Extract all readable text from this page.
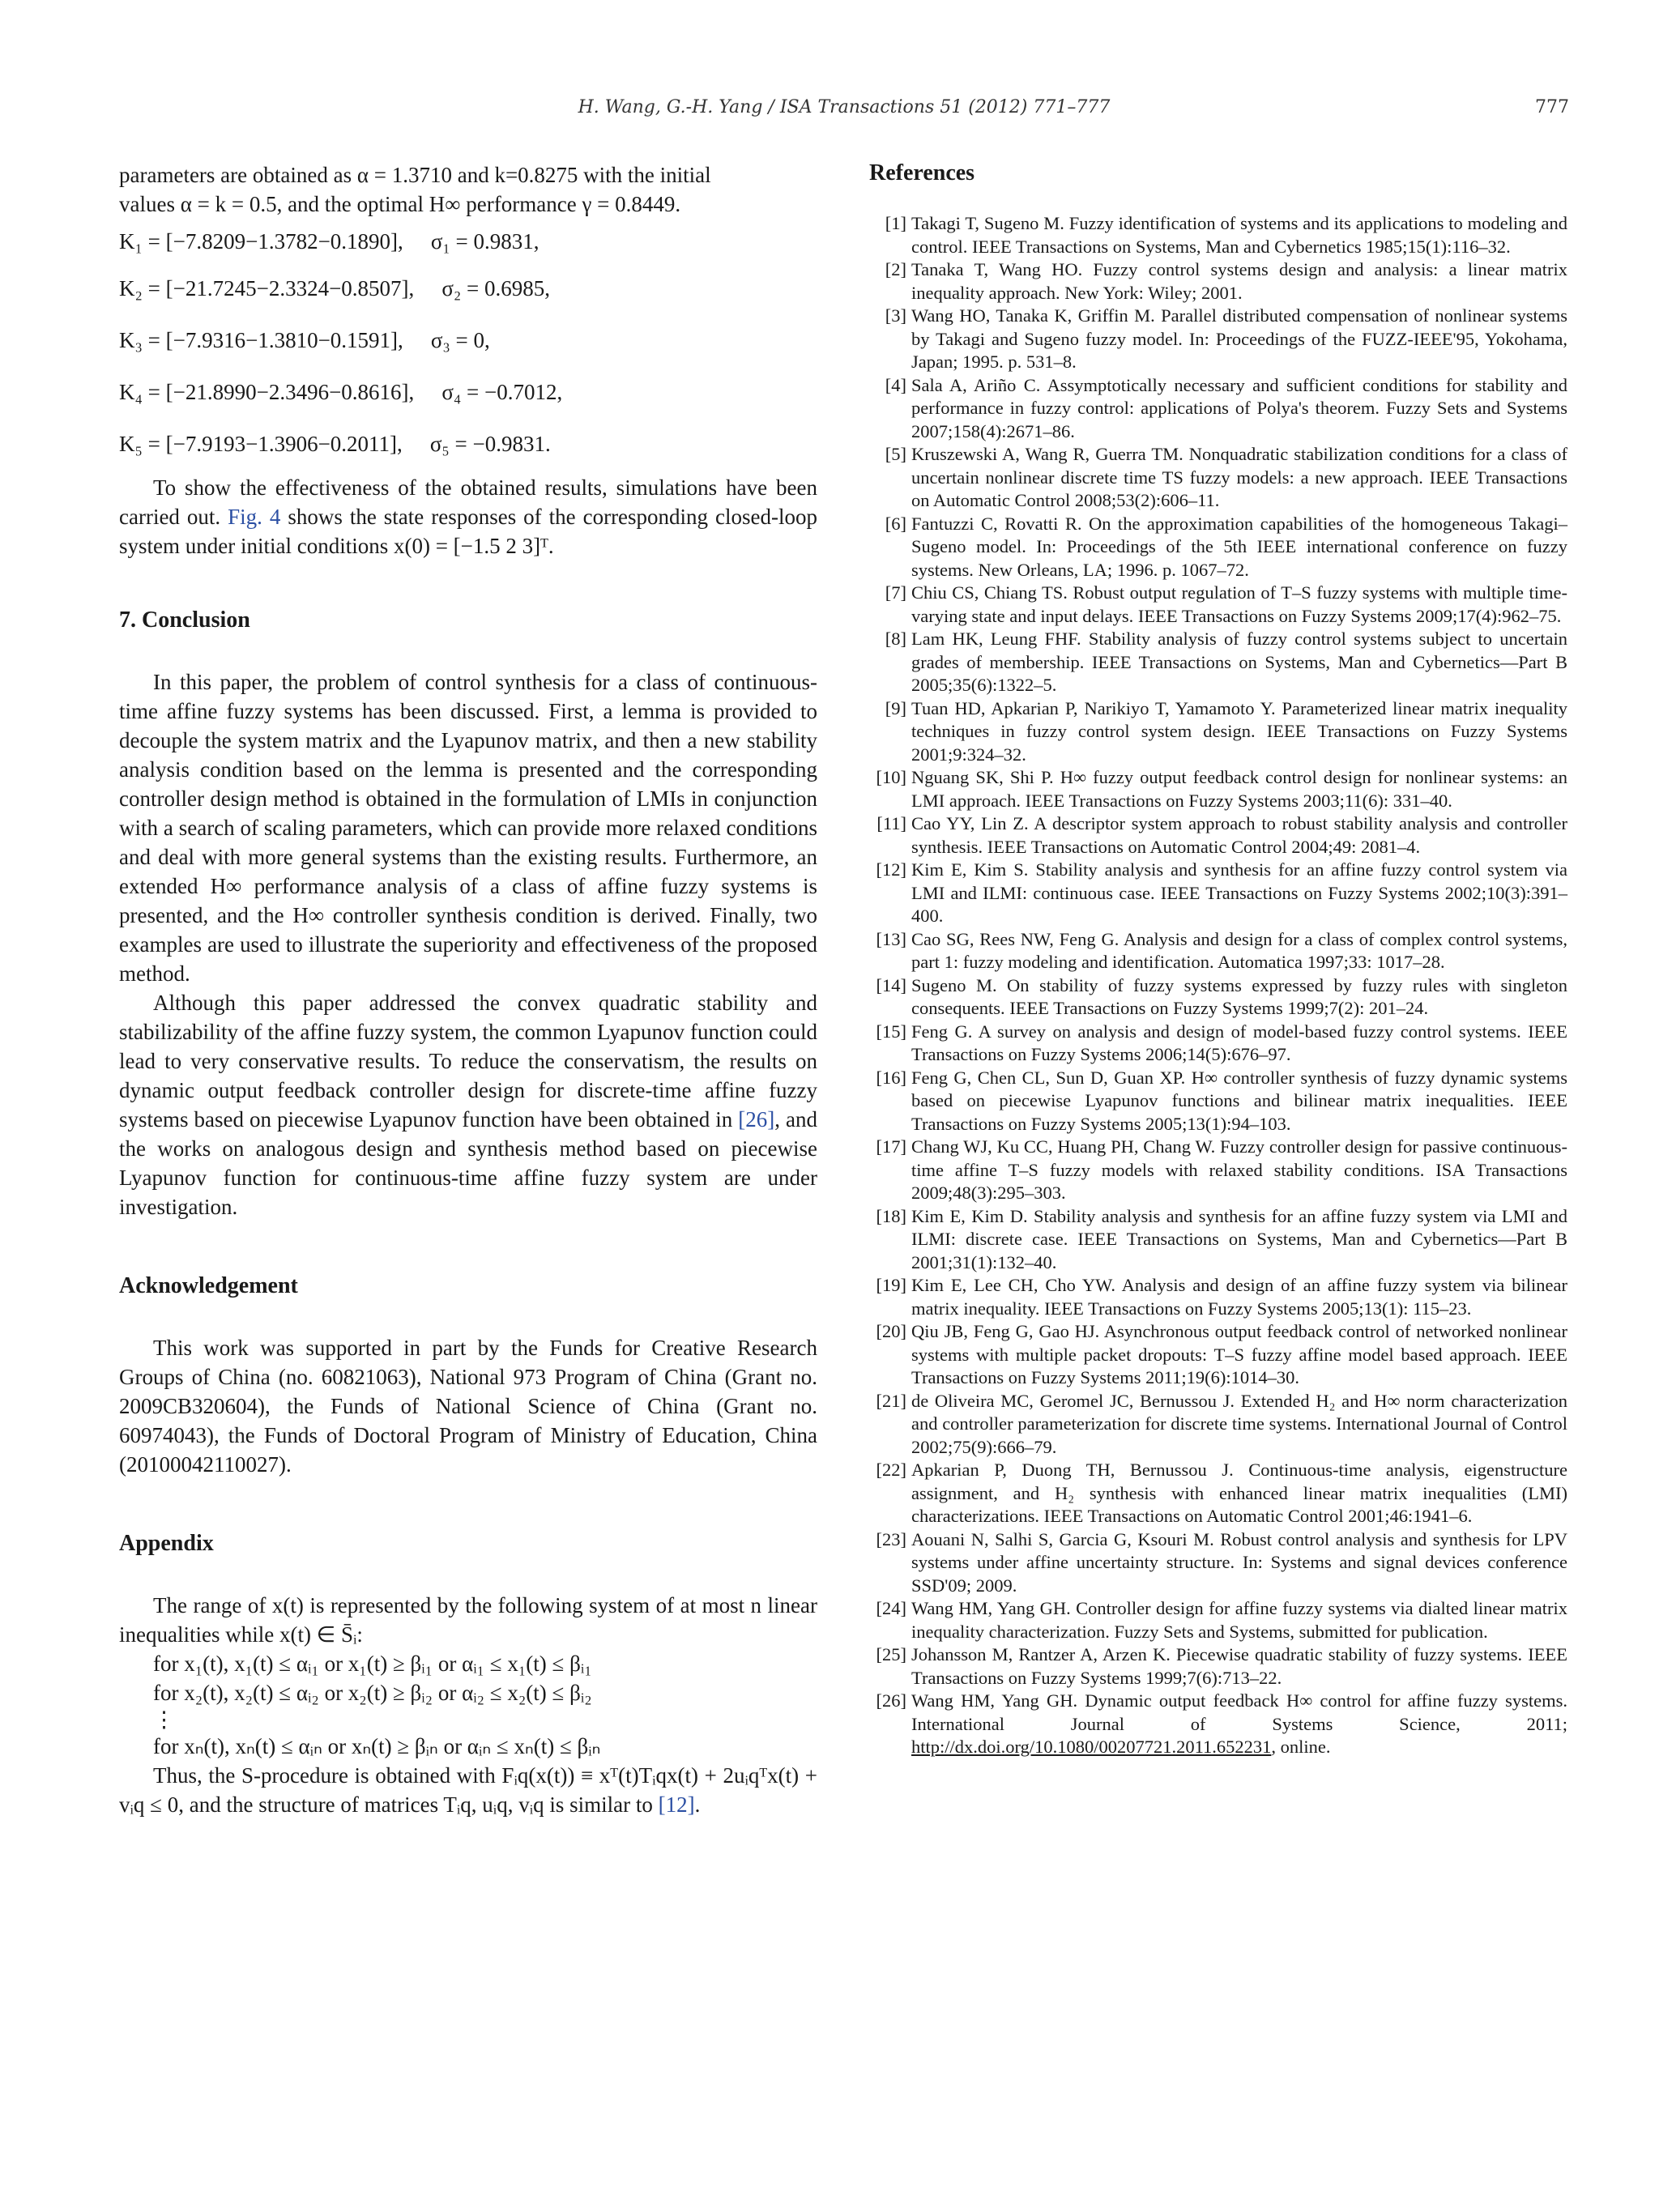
H. Wang, G.-H. Yang / ISA Transactions 51 (2012) 771–777	777

parameters are obtained as α = 1.3710 and k=0.8275 with the initial

values α = k = 0.5, and the optimal H∞ performance γ = 0.8449.

K₁ = [−7.8209−1.3782−0.1890], σ₁ = 0.9831,

K₂ = [−21.7245−2.3324−0.8507], σ₂ = 0.6985,

K₃ = [−7.9316−1.3810−0.1591], σ₃ = 0,

K₄ = [−21.8990−2.3496−0.8616], σ₄ = −0.7012,

K₅ = [−7.9193−1.3906−0.2011], σ₅ = −0.9831.

To show the effectiveness of the obtained results, simulations have been carried out. Fig. 4 shows the state responses of the corresponding closed-loop system under initial conditions x(0) = [−1.5 2 3]ᵀ.

7. Conclusion

In this paper, the problem of control synthesis for a class of continuous-time affine fuzzy systems has been discussed. First, a lemma is provided to decouple the system matrix and the Lyapunov matrix, and then a new stability analysis condition based on the lemma is presented and the corresponding controller design method is obtained in the formulation of LMIs in conjunction with a search of scaling parameters, which can provide more relaxed conditions and deal with more general systems than the existing results. Furthermore, an extended H∞ performance analysis of a class of affine fuzzy systems is presented, and the H∞ controller synthesis condition is derived. Finally, two examples are used to illustrate the superiority and effectiveness of the proposed method.

Although this paper addressed the convex quadratic stability and stabilizability of the affine fuzzy system, the common Lyapunov function could lead to very conservative results. To reduce the conservatism, the results on dynamic output feedback controller design for discrete-time affine fuzzy systems based on piecewise Lyapunov function have been obtained in [26], and the works on analogous design and synthesis method based on piecewise Lyapunov function for continuous-time affine fuzzy system are under investigation.

Acknowledgement

This work was supported in part by the Funds for Creative Research Groups of China (no. 60821063), National 973 Program of China (Grant no. 2009CB320604), the Funds of National Science of China (Grant no. 60974043), the Funds of Doctoral Program of Ministry of Education, China (20100042110027).

Appendix

The range of x(t) is represented by the following system of at most n linear inequalities while x(t) ∈ S̄ᵢ:

for x₁(t), x₁(t) ≤ αᵢ₁ or x₁(t) ≥ βᵢ₁ or αᵢ₁ ≤ x₁(t) ≤ βᵢ₁
for x₂(t), x₂(t) ≤ αᵢ₂ or x₂(t) ≥ βᵢ₂ or αᵢ₂ ≤ x₂(t) ≤ βᵢ₂
⋮
for xₙ(t), xₙ(t) ≤ αᵢₙ or xₙ(t) ≥ βᵢₙ or αᵢₙ ≤ xₙ(t) ≤ βᵢₙ

Thus, the S-procedure is obtained with Fᵢq(x(t)) ≡ xᵀ(t)Tᵢqx(t) + 2uᵢqᵀx(t) + vᵢq ≤ 0, and the structure of matrices Tᵢq, uᵢq, vᵢq is similar to [12].

References
[1] Takagi T, Sugeno M. Fuzzy identification of systems and its applications to modeling and control. IEEE Transactions on Systems, Man and Cybernetics 1985;15(1):116–32.
[2] Tanaka T, Wang HO. Fuzzy control systems design and analysis: a linear matrix inequality approach. New York: Wiley; 2001.
[3] Wang HO, Tanaka K, Griffin M. Parallel distributed compensation of nonlinear systems by Takagi and Sugeno fuzzy model. In: Proceedings of the FUZZ-IEEE'95, Yokohama, Japan; 1995. p. 531–8.
[4] Sala A, Ariño C. Assymptotically necessary and sufficient conditions for stability and performance in fuzzy control: applications of Polya's theorem. Fuzzy Sets and Systems 2007;158(4):2671–86.
[5] Kruszewski A, Wang R, Guerra TM. Nonquadratic stabilization conditions for a class of uncertain nonlinear discrete time TS fuzzy models: a new approach. IEEE Transactions on Automatic Control 2008;53(2):606–11.
[6] Fantuzzi C, Rovatti R. On the approximation capabilities of the homogeneous Takagi–Sugeno model. In: Proceedings of the 5th IEEE international conference on fuzzy systems. New Orleans, LA; 1996. p. 1067–72.
[7] Chiu CS, Chiang TS. Robust output regulation of T–S fuzzy systems with multiple time-varying state and input delays. IEEE Transactions on Fuzzy Systems 2009;17(4):962–75.
[8] Lam HK, Leung FHF. Stability analysis of fuzzy control systems subject to uncertain grades of membership. IEEE Transactions on Systems, Man and Cybernetics—Part B 2005;35(6):1322–5.
[9] Tuan HD, Apkarian P, Narikiyo T, Yamamoto Y. Parameterized linear matrix inequality techniques in fuzzy control system design. IEEE Transactions on Fuzzy Systems 2001;9:324–32.
[10] Nguang SK, Shi P. H∞ fuzzy output feedback control design for nonlinear systems: an LMI approach. IEEE Transactions on Fuzzy Systems 2003;11(6): 331–40.
[11] Cao YY, Lin Z. A descriptor system approach to robust stability analysis and controller synthesis. IEEE Transactions on Automatic Control 2004;49: 2081–4.
[12] Kim E, Kim S. Stability analysis and synthesis for an affine fuzzy control system via LMI and ILMI: continuous case. IEEE Transactions on Fuzzy Systems 2002;10(3):391–400.
[13] Cao SG, Rees NW, Feng G. Analysis and design for a class of complex control systems, part 1: fuzzy modeling and identification. Automatica 1997;33: 1017–28.
[14] Sugeno M. On stability of fuzzy systems expressed by fuzzy rules with singleton consequents. IEEE Transactions on Fuzzy Systems 1999;7(2): 201–24.
[15] Feng G. A survey on analysis and design of model-based fuzzy control systems. IEEE Transactions on Fuzzy Systems 2006;14(5):676–97.
[16] Feng G, Chen CL, Sun D, Guan XP. H∞ controller synthesis of fuzzy dynamic systems based on piecewise Lyapunov functions and bilinear matrix inequalities. IEEE Transactions on Fuzzy Systems 2005;13(1):94–103.
[17] Chang WJ, Ku CC, Huang PH, Chang W. Fuzzy controller design for passive continuous-time affine T–S fuzzy models with relaxed stability conditions. ISA Transactions 2009;48(3):295–303.
[18] Kim E, Kim D. Stability analysis and synthesis for an affine fuzzy system via LMI and ILMI: discrete case. IEEE Transactions on Systems, Man and Cybernetics—Part B 2001;31(1):132–40.
[19] Kim E, Lee CH, Cho YW. Analysis and design of an affine fuzzy system via bilinear matrix inequality. IEEE Transactions on Fuzzy Systems 2005;13(1): 115–23.
[20] Qiu JB, Feng G, Gao HJ. Asynchronous output feedback control of networked nonlinear systems with multiple packet dropouts: T–S fuzzy affine model based approach. IEEE Transactions on Fuzzy Systems 2011;19(6):1014–30.
[21] de Oliveira MC, Geromel JC, Bernussou J. Extended H₂ and H∞ norm characterization and controller parameterization for discrete time systems. International Journal of Control 2002;75(9):666–79.
[22] Apkarian P, Duong TH, Bernussou J. Continuous-time analysis, eigenstructure assignment, and H₂ synthesis with enhanced linear matrix inequalities (LMI) characterizations. IEEE Transactions on Automatic Control 2001;46:1941–6.
[23] Aouani N, Salhi S, Garcia G, Ksouri M. Robust control analysis and synthesis for LPV systems under affine uncertainty structure. In: Systems and signal devices conference SSD'09; 2009.
[24] Wang HM, Yang GH. Controller design for affine fuzzy systems via dialted linear matrix inequality characterization. Fuzzy Sets and Systems, submitted for publication.
[25] Johansson M, Rantzer A, Arzen K. Piecewise quadratic stability of fuzzy systems. IEEE Transactions on Fuzzy Systems 1999;7(6):713–22.
[26] Wang HM, Yang GH. Dynamic output feedback H∞ control for affine fuzzy systems. International Journal of Systems Science, 2011; http://dx.doi.org/10.1080/00207721.2011.652231, online.
